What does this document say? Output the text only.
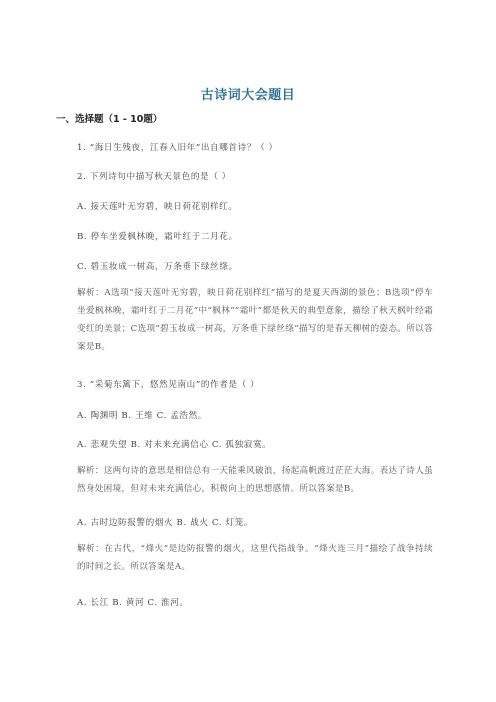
古诗词大会题目
一、选择题（1 - 10题）
1. “海日生残夜，江春入旧年”出自哪首诗？（ ）
2. 下列诗句中描写秋天景色的是（ ）
A. 接天莲叶无穷碧，映日荷花别样红。
B. 停车坐爱枫林晚，霜叶红于二月花。
C. 碧玉妆成一树高，万条垂下绿丝绦。
解析：A选项“接天莲叶无穷碧，映日荷花别样红”描写的是夏天西湖的景色；B选项“停车坐爱枫林晚，霜叶红于二月花”中“枫林”“霜叶”都是秋天的典型意象，描绘了秋天枫叶经霜变红的美景；C选项“碧玉妆成一树高，万条垂下绿丝绦”描写的是春天柳树的姿态。所以答案是B。
3. “采菊东篱下，悠然见南山”的作者是（ ）
A. 陶渊明 B. 王维 C. 孟浩然。
A. 悲观失望 B. 对未来充满信心 C. 孤独寂寞。
解析：这两句诗的意思是相信总有一天能乘风破浪，扬起高帆渡过茫茫大海。表达了诗人虽然身处困境，但对未来充满信心，积极向上的思想感情。所以答案是B。
A. 古时边防报警的烟火 B. 战火 C. 灯笼。
解析：在古代，“烽火”是边防报警的烟火，这里代指战争。“烽火连三月”描绘了战争持续的时间之长。所以答案是A。
A. 长江 B. 黄河 C. 淮河。
